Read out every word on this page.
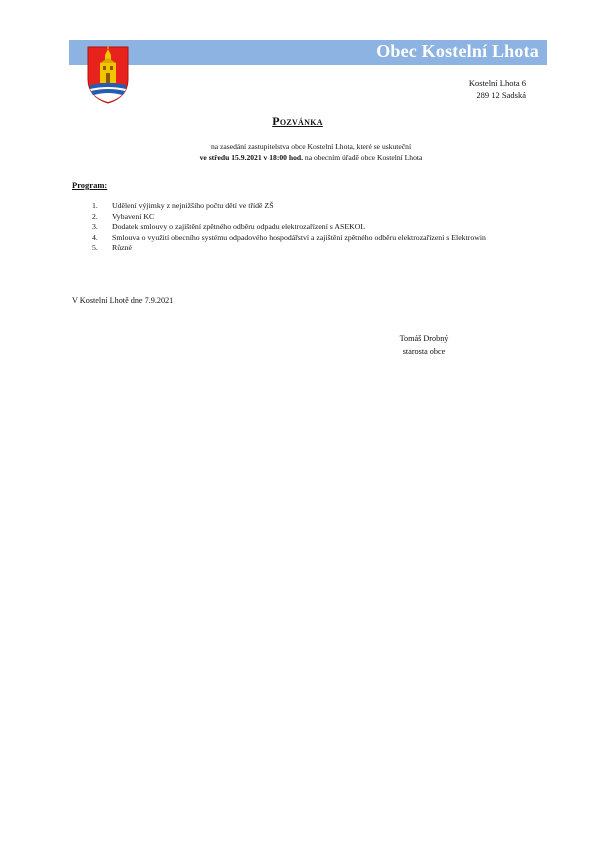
Obec Kostelní Lhota
Kostelní Lhota 6
289 12 Sadská
Pozvánka
na zasedání zastupitelstva obce Kostelní Lhota, které se uskuteční
ve středu 15.9.2021 v 18:00 hod. na obecním úřadě obce Kostelní Lhota
Program:
1. Udělení výjimky z nejnižšího počtu dětí ve třídě ZŠ
2. Vybavení KC
3. Dodatek smlouvy o zajištění zpětného odběru odpadu elektrozařízení s ASEKOL
4. Smlouva o využití obecního systému odpadového hospodářství a zajištění zpětného odběru elektrozařízení s Elektrowin
5. Různé
V Kostelní Lhotě dne 7.9.2021
Tomáš Drobný
starosta obce
